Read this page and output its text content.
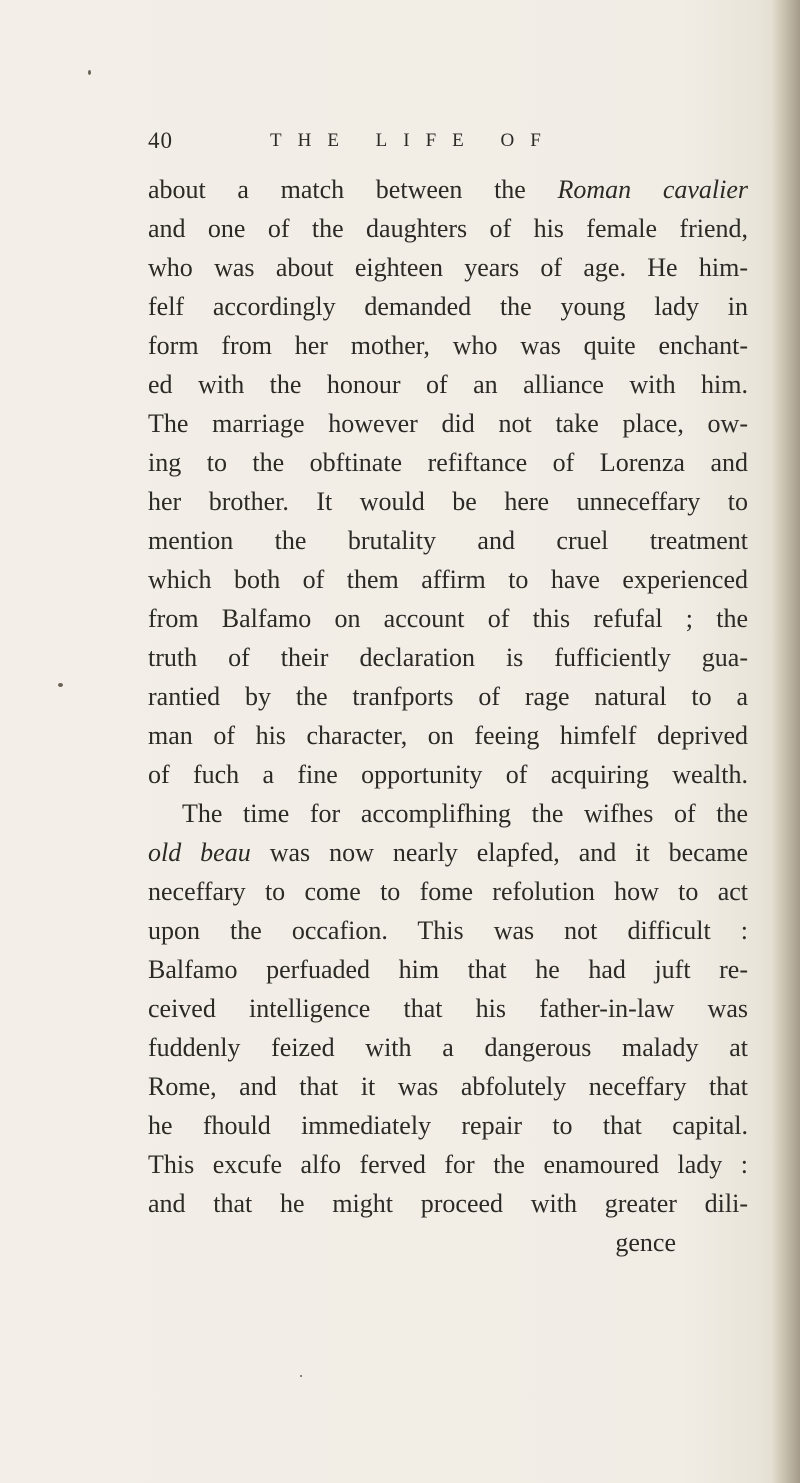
40	THE LIFE OF
about a match between the Roman cavalier
and one of the daughters of his female friend,
who was about eighteen years of age. He him-
felf accordingly demanded the young lady in
form from her mother, who was quite enchant-
ed with the honour of an alliance with him.
The marriage however did not take place, ow-
ing to the obftinate refiftance of Lorenza and
her brother. It would be here unneceffary to
mention the brutality and cruel treatment
which both of them affirm to have experienced
from Balfamo on account of this refufal ; the
truth of their declaration is fufficiently gua-
rantied by the tranfports of rage natural to a
man of his character, on feeing himfelf deprived
of fuch a fine opportunity of acquiring wealth.
The time for accomplifhing the wifhes of the
old beau was now nearly elapfed, and it became
neceffary to come to fome refolution how to act
upon the occafion. This was not difficult :
Balfamo perfuaded him that he had juft re-
ceived intelligence that his father-in-law was
fuddenly feized with a dangerous malady at
Rome, and that it was abfolutely neceffary that
he fhould immediately repair to that capital.
This excufe alfo ferved for the enamoured lady :
and that he might proceed with greater dili-
gence
